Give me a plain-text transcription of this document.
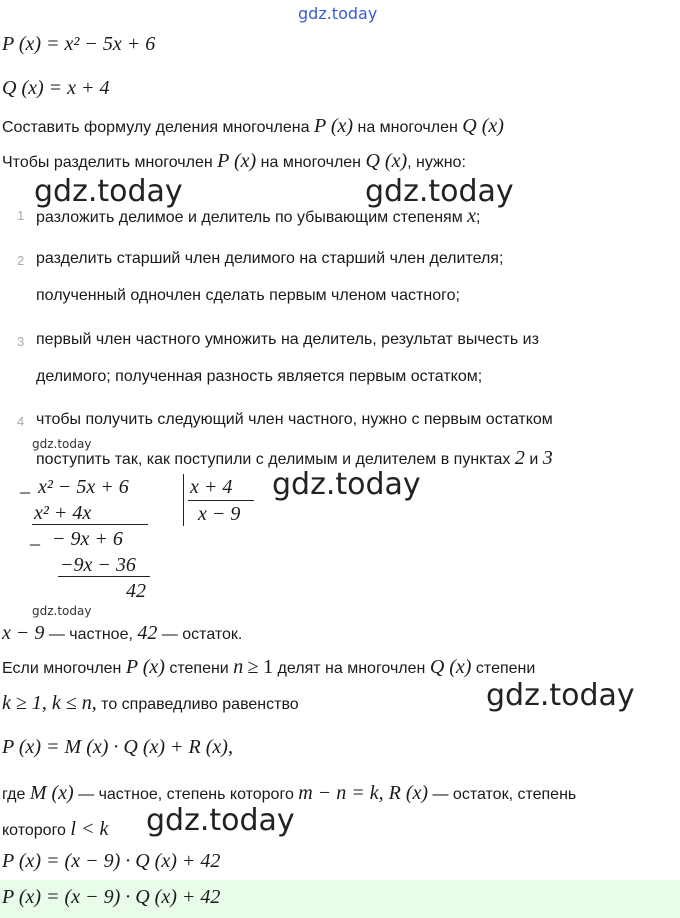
gdz.today
gdz.today	gdz.today
gdz.today
gdz.today
gdz.today
gdz.today
gdz.today
P (x) = x² − 5x + 6
Q (x) = x + 4
Составить формулу деления многочлена P (x) на многочлен Q (x)
Чтобы разделить многочлен P (x) на многочлен Q (x), нужно:
1 разложить делимое и делитель по убывающим степеням x;
2 разделить старший член делимого на старший член делителя;
полученный одночлен сделать первым членом частного;
3 первый член частного умножить на делитель, результат вычесть из
делимого; полученная разность является первым остатком;
4 чтобы получить следующий член частного, нужно с первым остатком
поступить так, как поступили с делимым и делителем в пунктах 2 и 3
_ x² − 5x + 6
x² + 4x
_ − 9x + 6
−9x − 36
42
x + 4
x − 9
x − 9 — частное, 42 — остаток.
Если многочлен P (x) степени n ≥ 1 делят на многочлен Q (x) степени
k ≥ 1, k ≤ n, то справедливо равенство
P (x) = M (x) · Q (x) + R (x),
где M (x) — частное, степень которого m − n = k, R (x) — остаток, степень
которого l < k
P (x) = (x − 9) · Q (x) + 42
P (x) = (x − 9) · Q (x) + 42
